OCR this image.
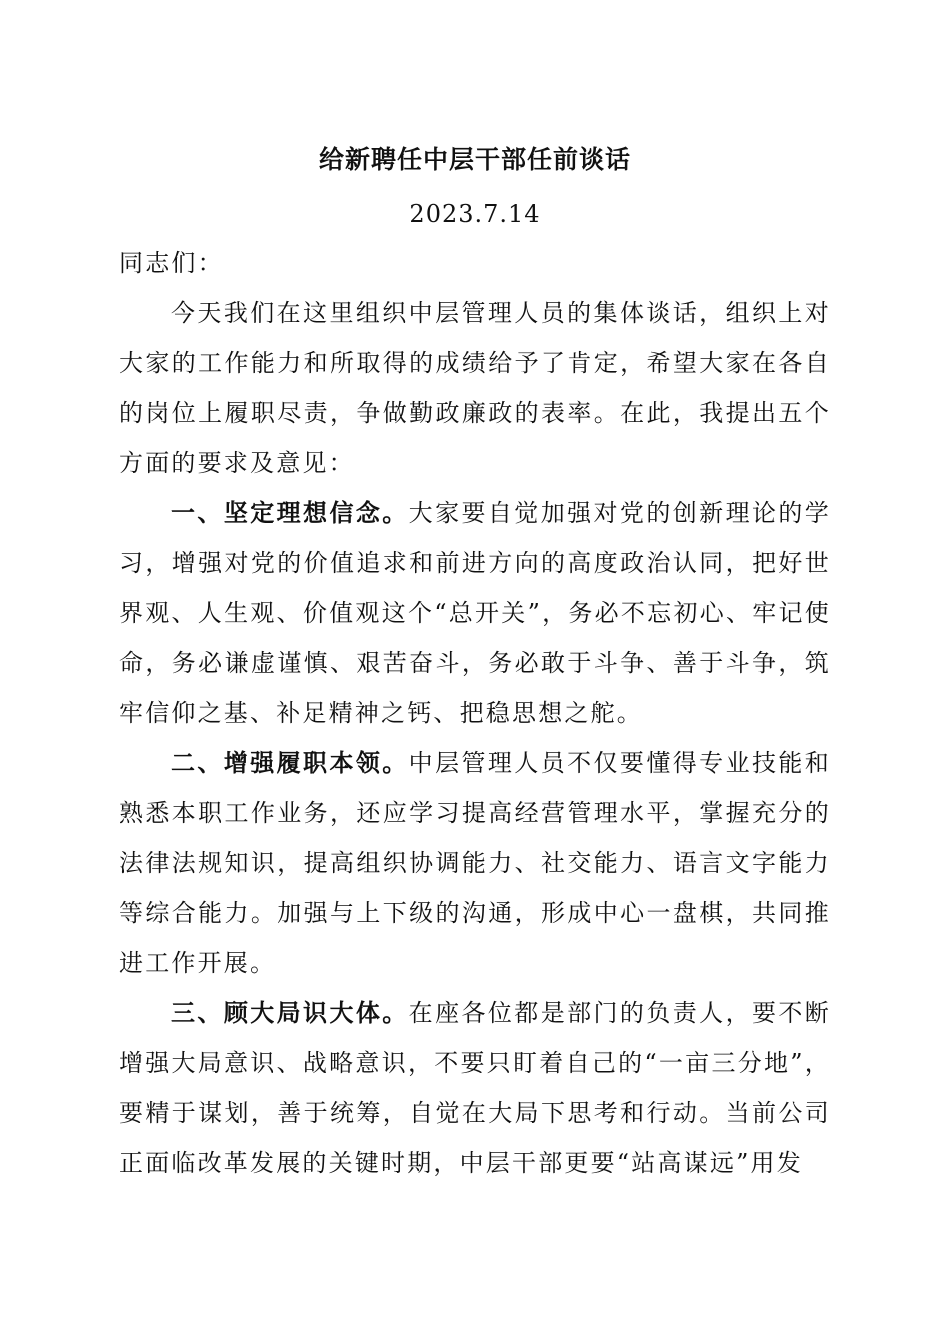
给新聘任中层干部任前谈话
2023.7.14

同志们：

今天我们在这里组织中层管理人员的集体谈话，组织上对大家的工作能力和所取得的成绩给予了肯定，希望大家在各自的岗位上履职尽责，争做勤政廉政的表率。在此，我提出五个方面的要求及意见：

一、坚定理想信念。大家要自觉加强对党的创新理论的学习，增强对党的价值追求和前进方向的高度政治认同，把好世界观、人生观、价值观这个“总开关”，务必不忘初心、牢记使命，务必谦虚谨慎、艰苦奋斗，务必敢于斗争、善于斗争，筑牢信仰之基、补足精神之钙、把稳思想之舵。

二、增强履职本领。中层管理人员不仅要懂得专业技能和熟悉本职工作业务，还应学习提高经营管理水平，掌握充分的法律法规知识，提高组织协调能力、社交能力、语言文字能力等综合能力。加强与上下级的沟通，形成中心一盘棋，共同推进工作开展。

三、顾大局识大体。在座各位都是部门的负责人，要不断增强大局意识、战略意识，不要只盯着自己的“一亩三分地”，要精于谋划，善于统筹，自觉在大局下思考和行动。当前公司正面临改革发展的关键时期，中层干部更要“站高谋远”用发
